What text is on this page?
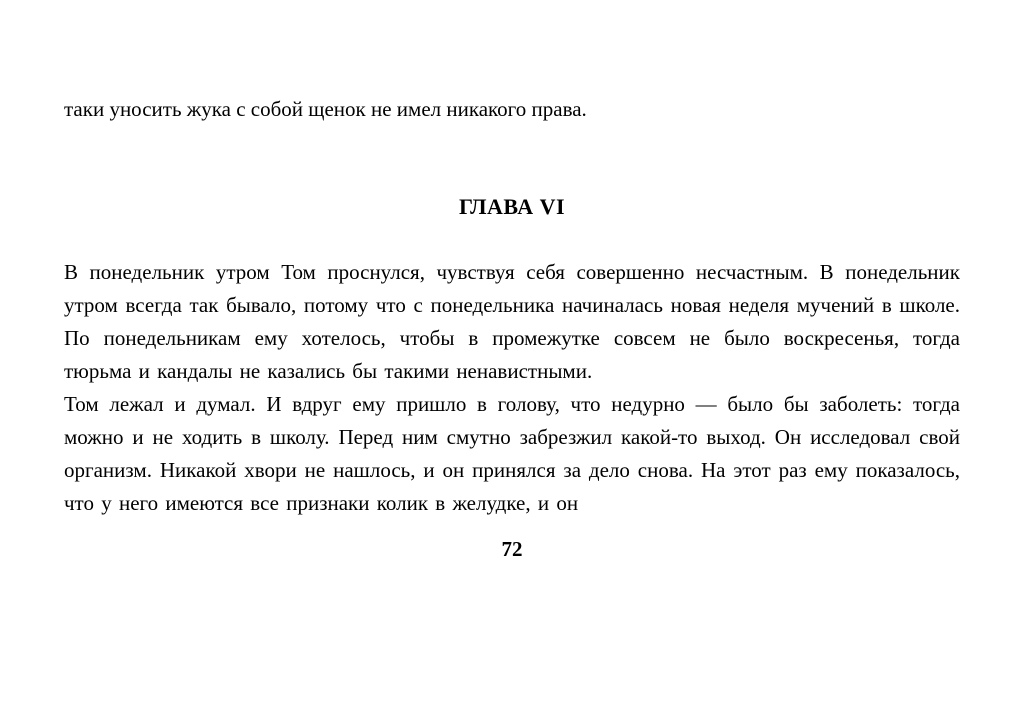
таки уносить жука с собой щенок не имел никакого права.

ГЛАВА VI

В понедельник утром Том проснулся, чувствуя себя совершенно несчастным. В понедельник утром всегда так бывало, потому что с понедельника начиналась новая неделя мучений в школе. По понедельникам ему хотелось, чтобы в промежутке совсем не было воскресенья, тогда тюрьма и кандалы не казались бы такими ненавистными.

Том лежал и думал. И вдруг ему пришло в голову, что недурно — было бы заболеть: тогда можно и не ходить в школу. Перед ним смутно забрезжил какой-то выход. Он исследовал свой организм. Никакой хвори не нашлось, и он принялся за дело снова. На этот раз ему показалось, что у него имеются все признаки колик в желудке, и он

72
